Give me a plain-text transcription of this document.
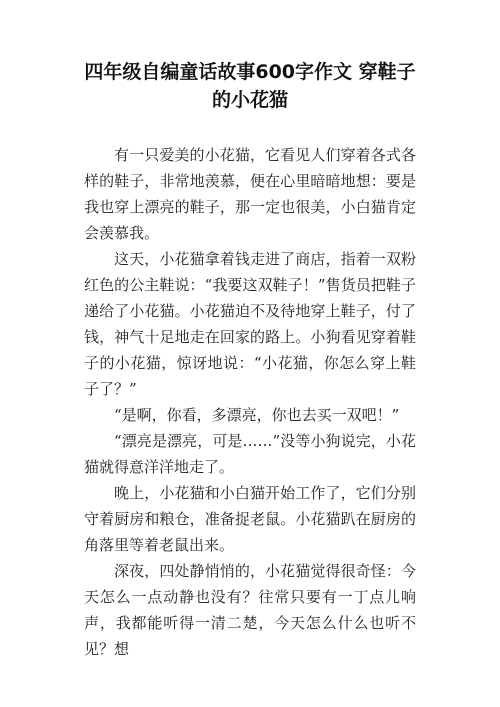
四年级自编童话故事600字作文 穿鞋子的小花猫

有一只爱美的小花猫，它看见人们穿着各式各样的鞋子，非常地羡慕，便在心里暗暗地想：要是我也穿上漂亮的鞋子，那一定也很美，小白猫肯定会羡慕我。

这天，小花猫拿着钱走进了商店，指着一双粉红色的公主鞋说：“我要这双鞋子！”售货员把鞋子递给了小花猫。小花猫迫不及待地穿上鞋子，付了钱，神气十足地走在回家的路上。小狗看见穿着鞋子的小花猫，惊讶地说：“小花猫，你怎么穿上鞋子了？”

“是啊，你看，多漂亮，你也去买一双吧！”

“漂亮是漂亮，可是……”没等小狗说完，小花猫就得意洋洋地走了。

晚上，小花猫和小白猫开始工作了，它们分别守着厨房和粮仓，准备捉老鼠。小花猫趴在厨房的角落里等着老鼠出来。

深夜，四处静悄悄的，小花猫觉得很奇怪：今天怎么一点动静也没有？往常只要有一丁点儿响声，我都能听得一清二楚，今天怎么什么也听不见？想
